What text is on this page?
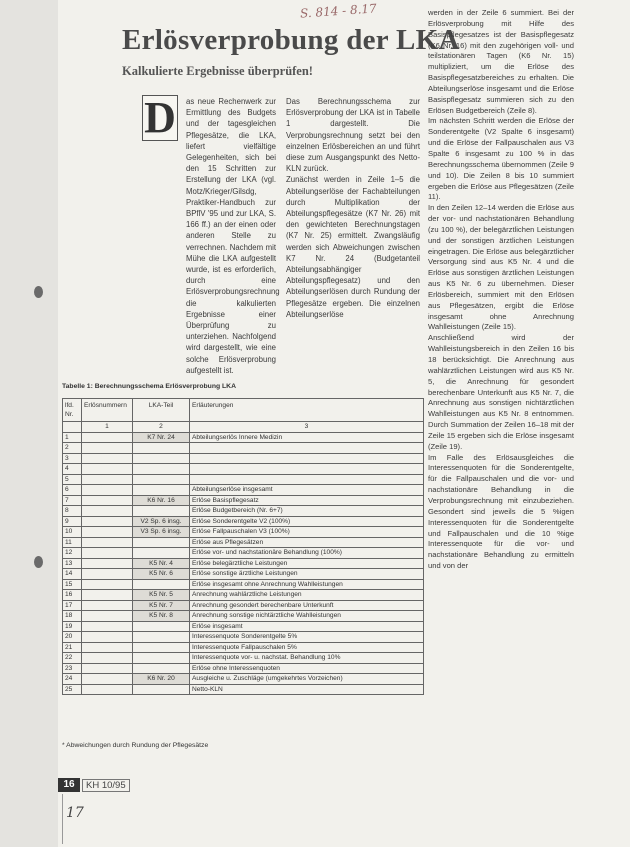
S. 814 - 8.17
Erlösverprobung der LKA
Kalkulierte Ergebnisse überprüfen!
D as neue Rechenwerk zur Ermittlung des Budgets und der tagesgleichen Pflegesätze, die LKA, liefert vielfältige Gelegenheiten, sich bei den 15 Schritten zur Erstellung der LKA (vgl. Motz/Krieger/Gilsdg, Praktiker-Handbuch zur BPflV '95 und zur LKA, S. 166 ff.) an der einen oder anderen Stelle zu verrechnen. Nachdem mit Mühe die LKA aufgestellt wurde, ist es erforderlich, durch eine Erlösverprobungsrechnung die kalkulierten Ergebnisse einer Überprüfung zu unterziehen. Nachfolgend wird dargestellt, wie eine solche Erlösverprobung aufgestellt ist.

Das Berechnungsschema zur Erlösverprobung der LKA ist in Tabelle 1 dargestellt. Die Verprobungsrechnung setzt bei den einzelnen Erlösbereichen an und führt diese zum Ausgangspunkt des Netto-KLN zurück.

Zunächst werden in Zeile 1–5 die Abteilungserlöse der Fachabteilungen durch Multiplikation der Abteilungspflegesätze (K7 Nr. 26) mit den gewichteten Berechnungstagen (K7 Nr. 25) ermittelt. Zwangsläufig werden sich Abweichungen zwischen K7 Nr. 24 (Budgetanteil Abteilungsabhängiger Abteilungspflegesatz) und den Abteilungserlösen durch Rundung der Pflegesätze ergeben. Die einzelnen Abteilungserlöse

werden in der Zeile 6 summiert. Bei der Erlösverprobung mit Hilfe des Basispflegesatzes ist der Basispflegesatz (K6 Nr. 16) mit den zugehörigen voll- und teilstationären Tagen (K6 Nr. 15) multipliziert, um die Erlöse des Basispflegesatzbereiches zu erhalten. Die Abteilungserlöse insgesamt und die Erlöse Basispflegesatz summieren sich zu den Erlösen Budgetbereich (Zeile 8).

Im nächsten Schritt werden die Erlöse der Sonderentgelte (V2 Spalte 6 insgesamt) und die Erlöse der Fallpauschalen aus V3 Spalte 6 insgesamt zu 100 % in das Berechnungsschema übernommen (Zeile 9 und 10). Die Zeilen 8 bis 10 summiert ergeben die Erlöse aus Pflegesätzen (Zeile 11).

In den Zeilen 12–14 werden die Erlöse aus der vor- und nachstationären Behandlung (zu 100 %), der belegärztlichen Leistungen und der sonstigen ärztlichen Leistungen eingetragen. Die Erlöse aus belegärztlicher Versorgung sind aus K5 Nr. 4 und die Erlöse aus sonstigen ärztlichen Leistungen aus K5 Nr. 6 zu übernehmen. Dieser Erlösbereich, summiert mit den Erlösen aus Pflegesätzen, ergibt die Erlöse insgesamt ohne Anrechnung Wahlleistungen (Zeile 15).

Anschließend wird der Wahlleistungsbereich in den Zeilen 16 bis 18 berücksichtigt. Die Anrechnung aus wahlärztlichen Leistungen wird aus K5 Nr. 5, die Anrechnung für gesondert berechenbare Unterkunft aus K5 Nr. 7, die Anrechnung aus sonstigen nichtärztlichen Wahlleistungen aus K5 Nr. 8 entnommen. Durch Summation der Zeilen 16–18 mit der Zeile 15 ergeben sich die Erlöse insgesamt (Zeile 19).

Im Falle des Erlösausgleiches die Interessenquoten für die Sonderentgelte, für die Fallpauschalen und die vor- und nachstationäre Behandlung in die Verprobungsrechnung mit einzubeziehen. Gesondert sind jeweils die 5 %igen Interessenquoten für die Sonderentgelte und Fallpauschalen und die 10 %ige Interessenquote für die vor- und nachstationäre Behandlung zu ermitteln und von der

Tabelle 1: Berechnungsschema Erlösverprobung LKA
lfd. Nr.	Erlösnummern	LKA-Teil	Erläuterungen
	1	2	3
1		K7 Nr. 24	Abteilungserlös Innere Medizin
2			
3			
4			
5			
6			Abteilungserlöse insgesamt
7		K6 Nr. 16	Erlöse Basispflegesatz
8			Erlöse Budgetbereich (Nr. 6+7)
9		V2 Sp. 6 insg.	Erlöse Sonderentgelte V2 (100%)
10		V3 Sp. 6 insg.	Erlöse Fallpauschalen V3 (100%)
11			Erlöse aus Pflegesätzen
12			Erlöse vor- und nachstationäre Behandlung (100%)
13		K5 Nr. 4	Erlöse belegärztliche Leistungen
14		K5 Nr. 6	Erlöse sonstige ärztliche Leistungen
15			Erlöse insgesamt ohne Anrechnung Wahlleistungen
16		K5 Nr. 5	Anrechnung wahlärztliche Leistungen
17		K5 Nr. 7	Anrechnung gesondert berechenbare Unterkunft
18		K5 Nr. 8	Anrechnung sonstige nichtärztliche Wahlleistungen
19			Erlöse insgesamt
20			Interessenquote Sonderentgelte 5%
21			Interessenquote Fallpauschalen 5%
22			Interessenquote vor- u. nachstat. Behandlung 10%
23			Erlöse ohne Interessenquoten
24		K6 Nr. 20	Ausgleiche u. Zuschläge (umgekehrtes Vorzeichen)
25			Netto-KLN
* Abweichungen durch Rundung der Pflegesätze
16	KH 10/95
17
